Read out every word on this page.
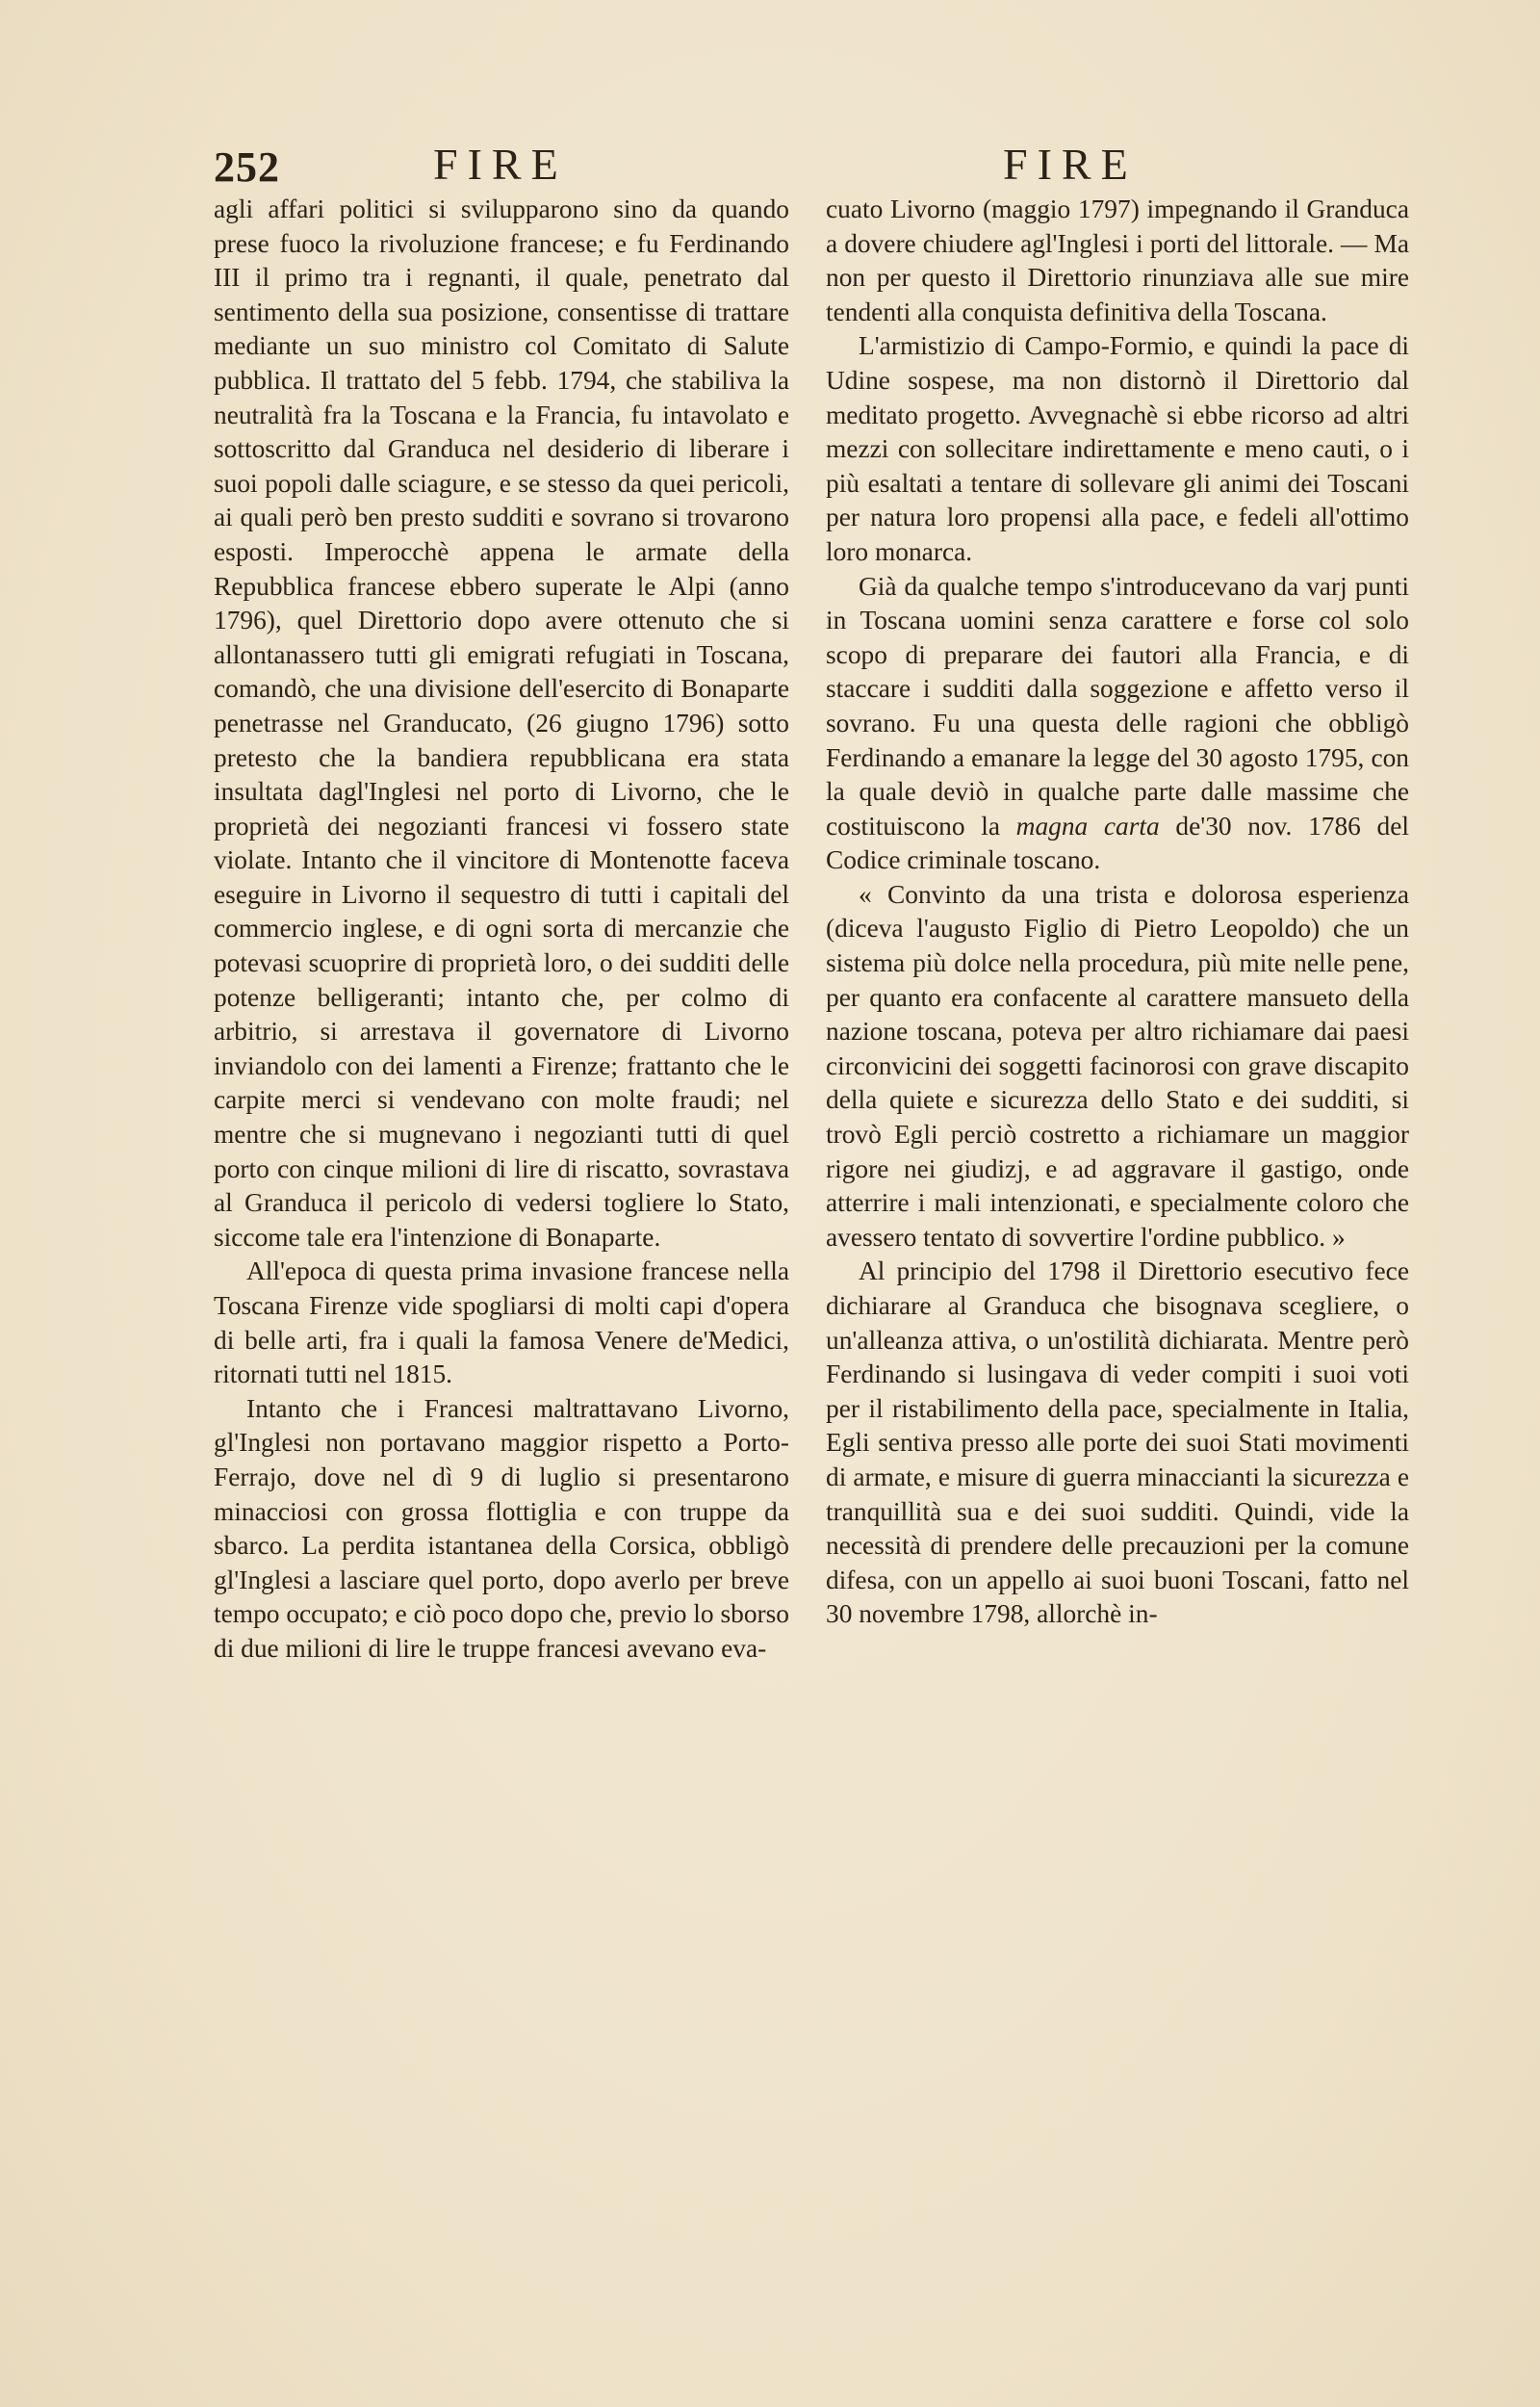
252	FIRE	FIRE

agli affari politici si svilupparono sino da quando prese fuoco la rivoluzione francese; e fu Ferdinando III il primo tra i regnanti, il quale, penetrato dal sentimento della sua posizione, consentisse di trattare mediante un suo ministro col Comitato di Salute pubblica. Il trattato del 5 febb. 1794, che stabiliva la neutralità fra la Toscana e la Francia, fu intavolato e sottoscritto dal Granduca nel desiderio di liberare i suoi popoli dalle sciagure, e se stesso da quei pericoli, ai quali però ben presto sudditi e sovrano si trovarono esposti. Imperocchè appena le armate della Repubblica francese ebbero superate le Alpi (anno 1796), quel Direttorio dopo avere ottenuto che si allontanassero tutti gli emigrati refugiati in Toscana, comandò, che una divisione dell'esercito di Bonaparte penetrasse nel Granducato, (26 giugno 1796) sotto pretesto che la bandiera repubblicana era stata insultata dagl'Inglesi nel porto di Livorno, che le proprietà dei negozianti francesi vi fossero state violate. Intanto che il vincitore di Montenotte faceva eseguire in Livorno il sequestro di tutti i capitali del commercio inglese, e di ogni sorta di mercanzie che potevasi scuoprire di proprietà loro, o dei sudditi delle potenze belligeranti; intanto che, per colmo di arbitrio, si arrestava il governatore di Livorno inviandolo con dei lamenti a Firenze; frattanto che le carpite merci si vendevano con molte fraudi; nel mentre che si mugnevano i negozianti tutti di quel porto con cinque milioni di lire di riscatto, sovrastava al Granduca il pericolo di vedersi togliere lo Stato, siccome tale era l'intenzione di Bonaparte.

All'epoca di questa prima invasione francese nella Toscana Firenze vide spogliarsi di molti capi d'opera di belle arti, fra i quali la famosa Venere de'Medici, ritornati tutti nel 1815.

Intanto che i Francesi maltrattavano Livorno, gl'Inglesi non portavano maggior rispetto a Porto-Ferrajo, dove nel dì 9 di luglio si presentarono minacciosi con grossa flottiglia e con truppe da sbarco. La perdita istantanea della Corsica, obbligò gl'Inglesi a lasciare quel porto, dopo averlo per breve tempo occupato; e ciò poco dopo che, previo lo sborso di due milioni di lire le truppe francesi avevano eva-

cuato Livorno (maggio 1797) impegnando il Granduca a dovere chiudere agl'Inglesi i porti del littorale. — Ma non per questo il Direttorio rinunziava alle sue mire tendenti alla conquista definitiva della Toscana.

L'armistizio di Campo-Formio, e quindi la pace di Udine sospese, ma non distornò il Direttorio dal meditato progetto. Avvegnachè si ebbe ricorso ad altri mezzi con sollecitare indirettamente e meno cauti, o i più esaltati a tentare di sollevare gli animi dei Toscani per natura loro propensi alla pace, e fedeli all'ottimo loro monarca.

Già da qualche tempo s'introducevano da varj punti in Toscana uomini senza carattere e forse col solo scopo di preparare dei fautori alla Francia, e di staccare i sudditi dalla soggezione e affetto verso il sovrano. Fu una questa delle ragioni che obbligò Ferdinando a emanare la legge del 30 agosto 1795, con la quale deviò in qualche parte dalle massime che costituiscono la magna carta de'30 nov. 1786 del Codice criminale toscano.

« Convinto da una trista e dolorosa esperienza (diceva l'augusto Figlio di Pietro Leopoldo) che un sistema più dolce nella procedura, più mite nelle pene, per quanto era confacente al carattere mansueto della nazione toscana, poteva per altro richiamare dai paesi circonvicini dei soggetti facinorosi con grave discapito della quiete e sicurezza dello Stato e dei sudditi, si trovò Egli perciò costretto a richiamare un maggior rigore nei giudizj, e ad aggravare il gastigo, onde atterrire i mali intenzionati, e specialmente coloro che avessero tentato di sovvertire l'ordine pubblico. »

Al principio del 1798 il Direttorio esecutivo fece dichiarare al Granduca che bisognava scegliere, o un'alleanza attiva, o un'ostilità dichiarata. Mentre però Ferdinando si lusingava di veder compiti i suoi voti per il ristabilimento della pace, specialmente in Italia, Egli sentiva presso alle porte dei suoi Stati movimenti di armate, e misure di guerra minaccianti la sicurezza e tranquillità sua e dei suoi sudditi. Quindi, vide la necessità di prendere delle precauzioni per la comune difesa, con un appello ai suoi buoni Toscani, fatto nel 30 novembre 1798, allorchè in-
